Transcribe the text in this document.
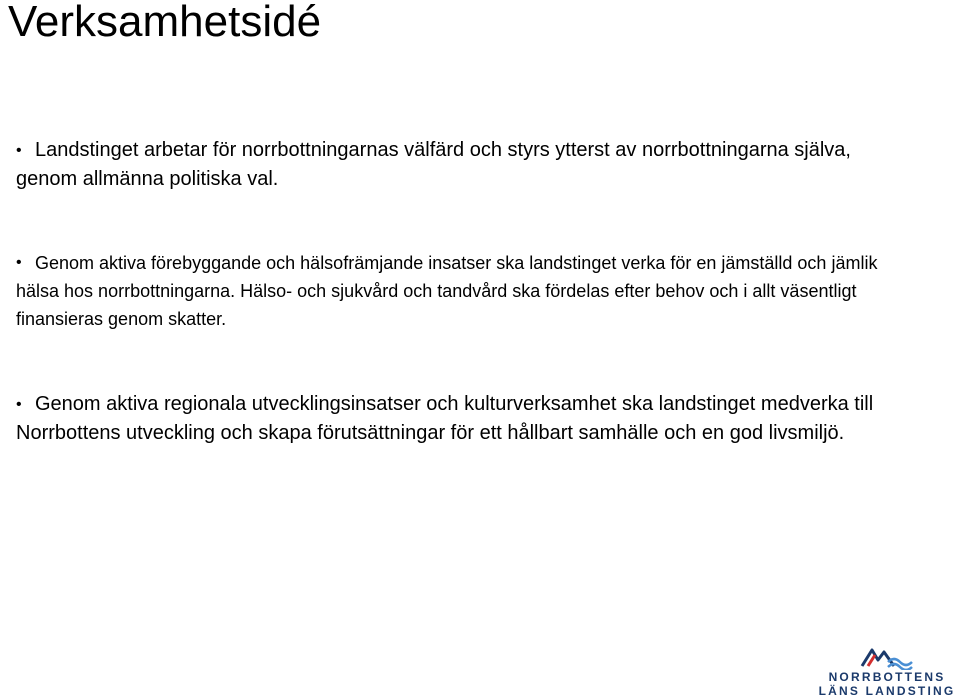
Verksamhetsidé
• Landstinget arbetar för norrbottningarnas välfärd och styrs ytterst av norrbottningarna själva, genom allmänna politiska val.
• Genom aktiva förebyggande och hälsofrämjande insatser ska landstinget verka för en jämställd och jämlik hälsa hos norrbottningarna. Hälso- och sjukvård och tandvård ska fördelas efter behov och i allt väsentligt finansieras genom skatter.
• Genom aktiva regionala utvecklingsinsatser och kulturverksamhet ska landstinget medverka till Norrbottens utveckling och skapa förutsättningar för ett hållbart samhälle och en god livsmiljö.
NORRBOTTENS
LÄNS LANDSTING
